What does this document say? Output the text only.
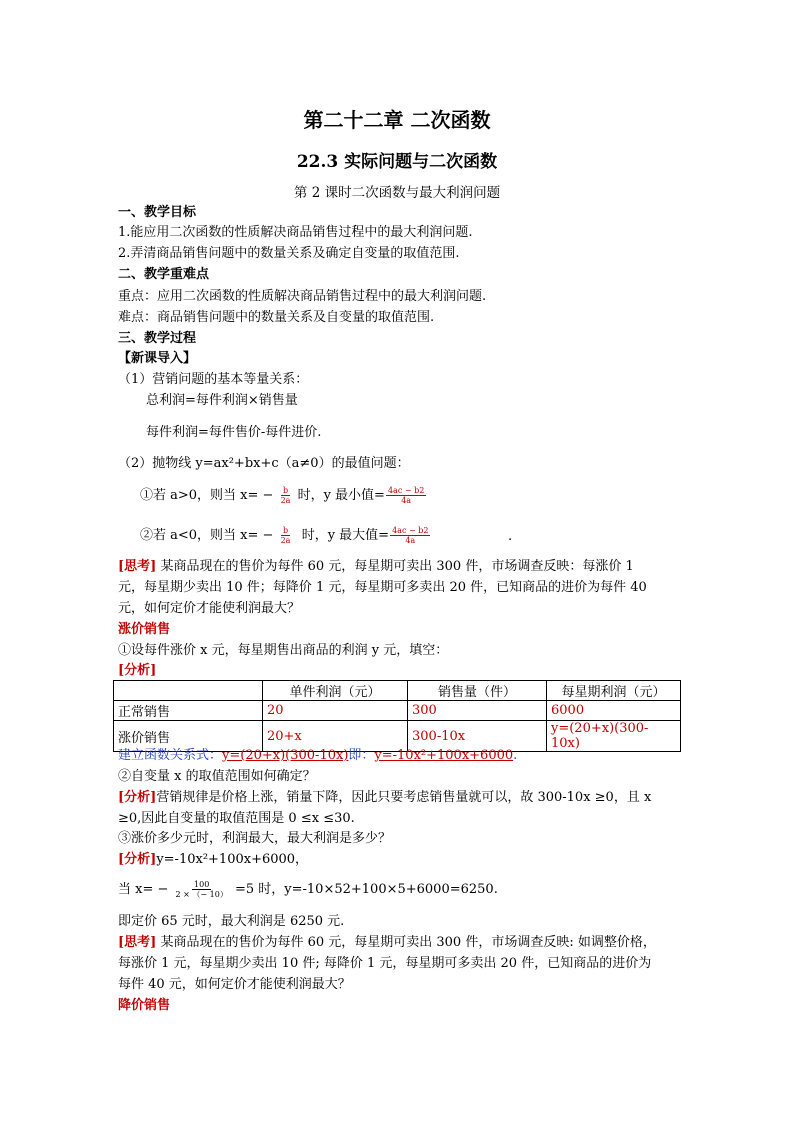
第二十二章 二次函数
22.3 实际问题与二次函数
第 2 课时二次函数与最大利润问题
一、教学目标
1.能应用二次函数的性质解决商品销售过程中的最大利润问题.
2.弄清商品销售问题中的数量关系及确定自变量的取值范围.
二、教学重难点
重点：应用二次函数的性质解决商品销售过程中的最大利润问题.
难点：商品销售问题中的数量关系及自变量的取值范围.
三、教学过程
【新课导入】
（1）营销问题的基本等量关系：
总利润=每件利润×销售量
每件利润=每件售价-每件进价.
（2）抛物线 y=ax²+bx+c（a≠0）的最值问题：
①若 a>0，则当 $x= - \frac{b}{2a}$ 时，y 最小值= $\frac{4ac - b2}{4a}$
②若 a<0，则当 $x= - \frac{b}{2a}$ 时，y 最大值= $\frac{4ac - b2}{4a}$	.
[思考] 某商品现在的售价为每件 60 元，每星期可卖出 300 件，市场调查反映：每涨价 1
元，每星期少卖出 10 件；每降价 1 元，每星期可多卖出 20 件，已知商品的进价为每件 40
元，如何定价才能使利润最大？
涨价销售
①设每件涨价 x 元，每星期售出商品的利润 y 元，填空：
[分析]
	单件利润（元）	销售量（件）	每星期利润（元）
正常销售	20	300	6000
涨价销售	20+x	300-10x	y=(20+x)(300-10x)
建立函数关系式：y=(20+x)(300-10x)即：y=-10x²+100x+6000.
②自变量 x 的取值范围如何确定？
[分析]营销规律是价格上涨，销量下降，因此只要考虑销售量就可以，故 300-10x ≥0，且 x
≥0,因此自变量的取值范围是 0 ≤x ≤30.
③涨价多少元时，利润最大，最大利润是多少？
[分析]y=-10x²+100x+6000，
当 $x= - \frac{100}{2 \times (- 10)} =5$ 时，y=-10×52+100×5+6000=6250.
即定价 65 元时，最大利润是 6250 元.
[思考] 某商品现在的售价为每件 60 元，每星期可卖出 300 件，市场调查反映: 如调整价格，
每涨价 1 元，每星期少卖出 10 件; 每降价 1 元，每星期可多卖出 20 件，已知商品的进价为
每件 40 元，如何定价才能使利润最大？
降价销售
